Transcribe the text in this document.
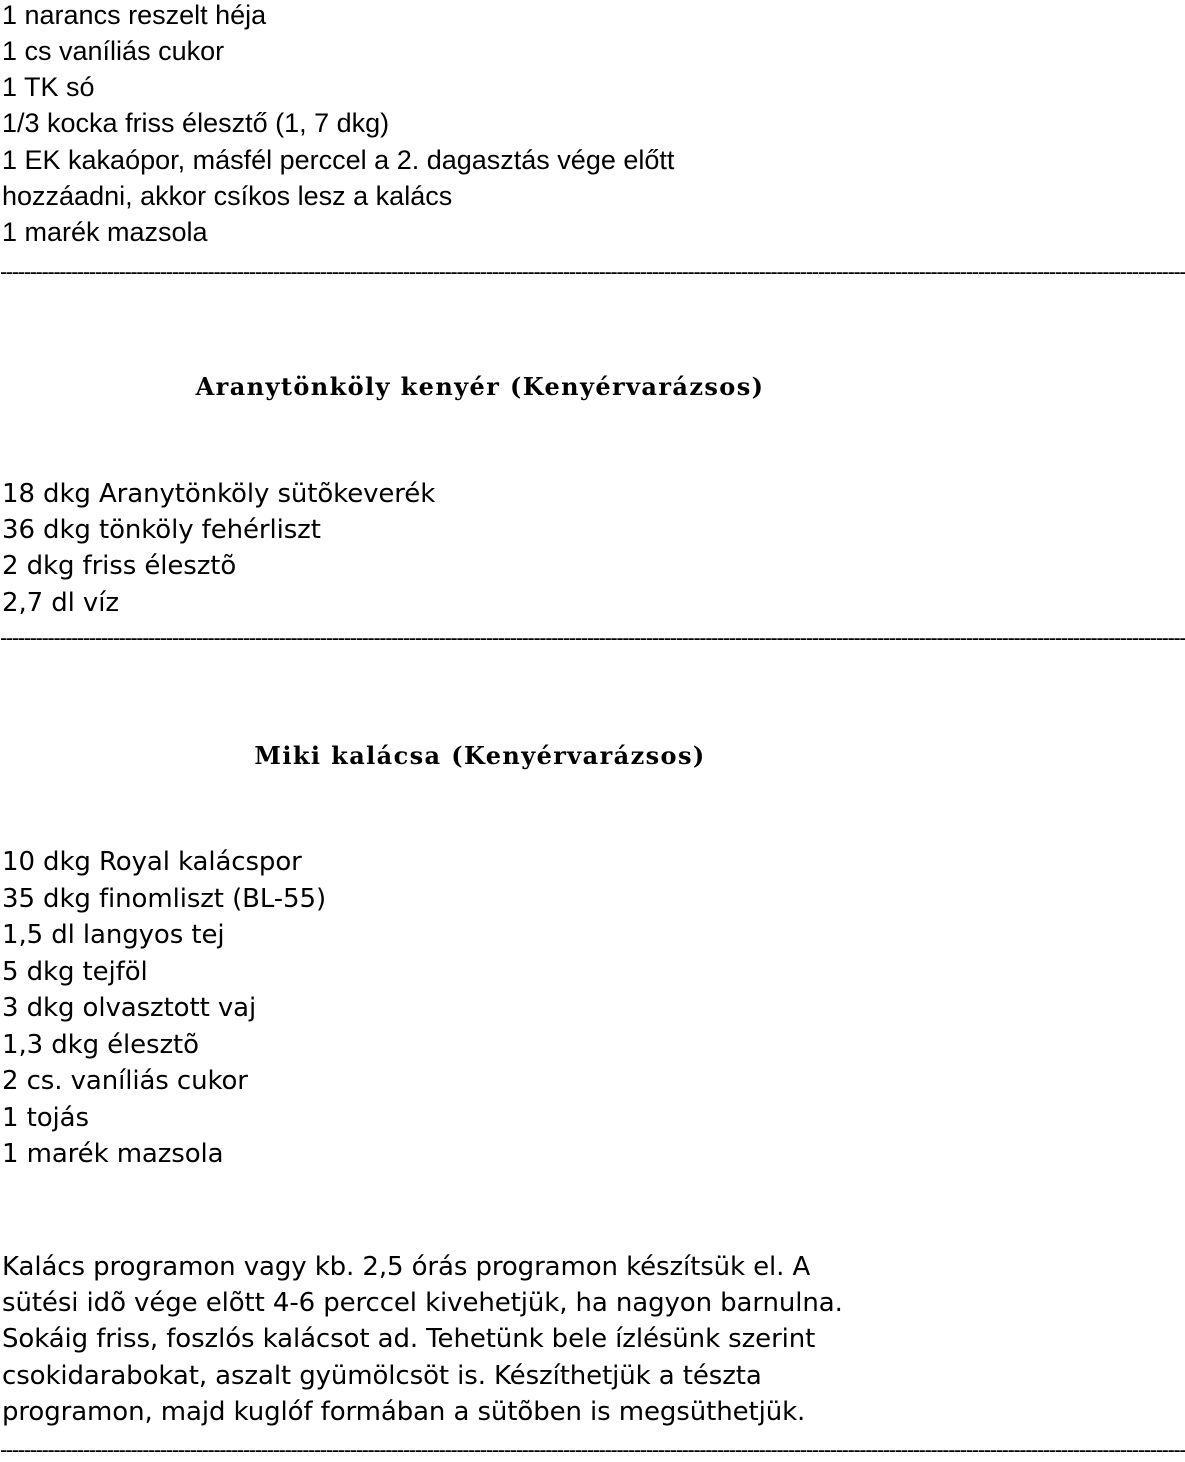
1 narancs reszelt héja
1 cs vaníliás cukor
1 TK só
1/3 kocka friss élesztő (1, 7 dkg)
1 EK kakaópor, másfél perccel a 2. dagasztás vége előtt
hozzáadni, akkor csíkos lesz a kalács
1 marék mazsola
--------------------------------------------------------------------------------------------------------------------------------------------------------------------------------------------------------
Aranytönköly kenyér (Kenyérvarázsos)
18 dkg Aranytönköly sütõkeverék
36 dkg tönköly fehérliszt
2 dkg friss élesztõ
2,7 dl víz
--------------------------------------------------------------------------------------------------------------------------------------------------------------------------------------------------------
Miki kalácsa (Kenyérvarázsos)
10 dkg Royal kalácspor
35 dkg finomliszt (BL-55)
1,5 dl langyos tej
5 dkg tejföl
3 dkg olvasztott vaj
1,3 dkg élesztõ
2 cs. vaníliás cukor
1 tojás
1 marék mazsola
Kalács programon vagy kb. 2,5 órás programon készítsük el. A
sütési idõ vége elõtt 4-6 perccel kivehetjük, ha nagyon barnulna.
Sokáig friss, foszlós kalácsot ad. Tehetünk bele ízlésünk szerint
csokidarabokat, aszalt gyümölcsöt is. Készíthetjük a tészta
programon, majd kuglóf formában a sütõben is megsüthetjük.
--------------------------------------------------------------------------------------------------------------------------------------------------------------------------------------------------------
